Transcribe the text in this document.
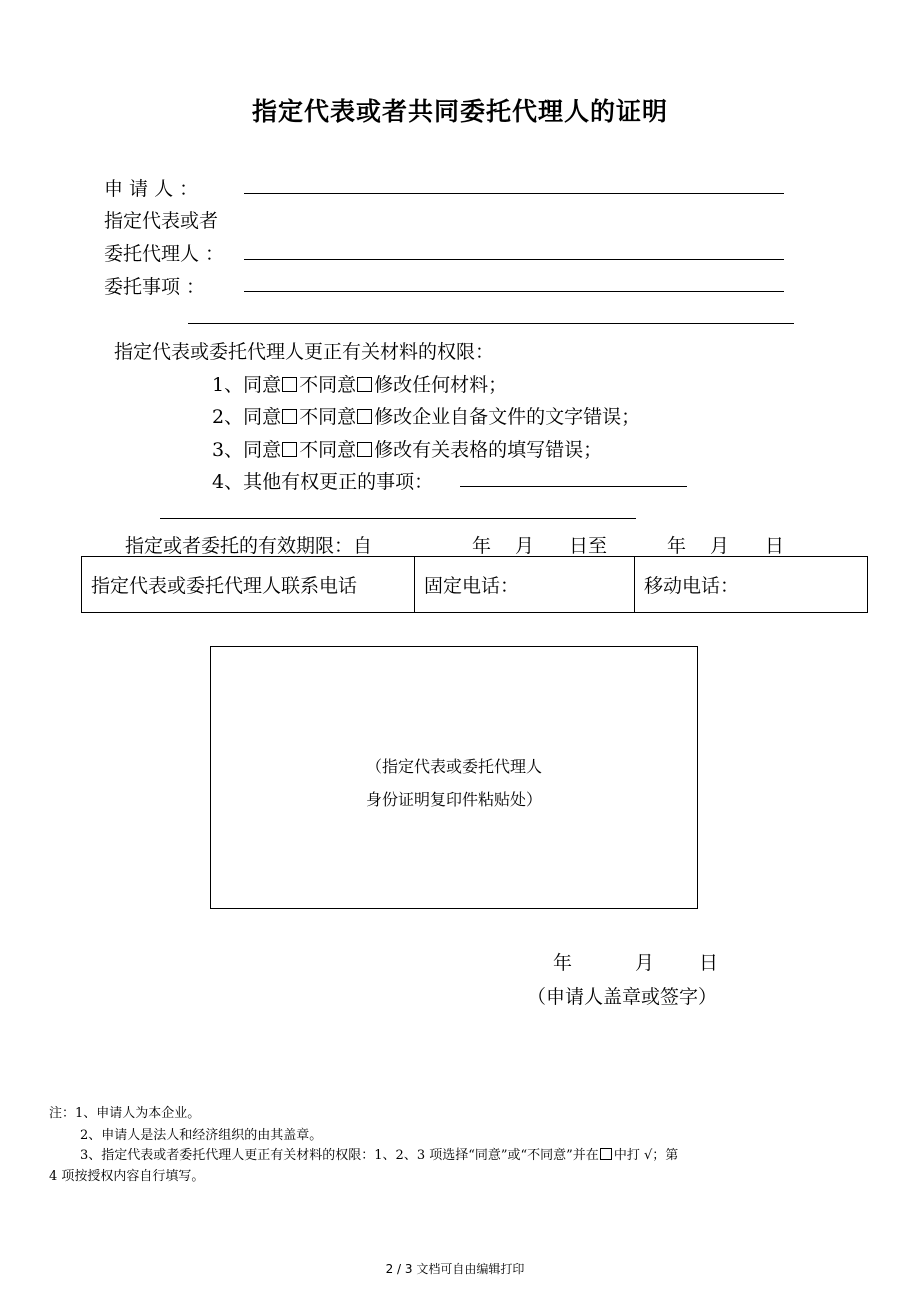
指定代表或者共同委托代理人的证明
申 请 人 ：
指定代表或者
委托代理人 ：
委托事项 ：
指定代表或委托代理人更正有关材料的权限：
1、同意 不同意 修改任何材料；
2、同意 不同意 修改企业自备文件的文字错误；
3、同意 不同意 修改有关表格的填写错误；
4、其他有权更正的事项：
指定或者委托的有效期限：自	年 月 日至	年 月 日
指定代表或委托代理人联系电话	固定电话：	移动电话：
（指定代表或委托代理人
身份证明复印件粘贴处）
年	月 日
（申请人盖章或签字）
注：1、申请人为本企业。
2、申请人是法人和经济组织的由其盖章。
3、指定代表或者委托代理人更正有关材料的权限：1、2、3 项选择“同意”或“不同意”并在 中打 √；第
4 项按授权内容自行填写。
2 / 3 文档可自由编辑打印
